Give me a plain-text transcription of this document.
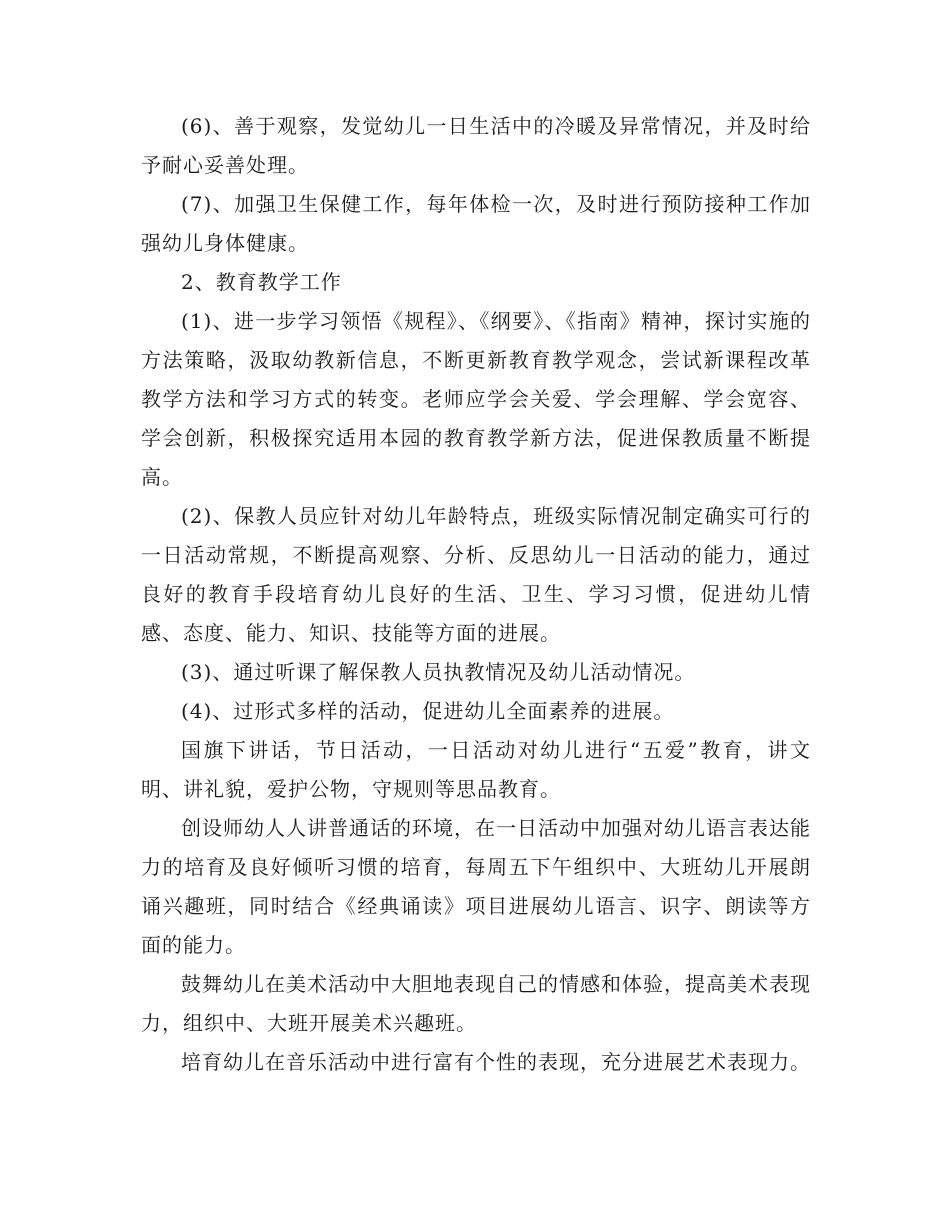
(6)、善于观察，发觉幼儿一日生活中的冷暖及异常情况，并及时给予耐心妥善处理。

(7)、加强卫生保健工作，每年体检一次，及时进行预防接种工作加强幼儿身体健康。

2、教育教学工作

(1)、进一步学习领悟《规程》、《纲要》、《指南》精神，探讨实施的方法策略，汲取幼教新信息，不断更新教育教学观念，尝试新课程改革教学方法和学习方式的转变。老师应学会关爱、学会理解、学会宽容、学会创新，积极探究适用本园的教育教学新方法，促进保教质量不断提高。

(2)、保教人员应针对幼儿年龄特点，班级实际情况制定确实可行的一日活动常规，不断提高观察、分析、反思幼儿一日活动的能力，通过良好的教育手段培育幼儿良好的生活、卫生、学习习惯，促进幼儿情感、态度、能力、知识、技能等方面的进展。

(3)、通过听课了解保教人员执教情况及幼儿活动情况。

(4)、过形式多样的活动，促进幼儿全面素养的进展。

国旗下讲话，节日活动，一日活动对幼儿进行“五爱”教育，讲文明、讲礼貌，爱护公物，守规则等思品教育。

创设师幼人人讲普通话的环境，在一日活动中加强对幼儿语言表达能力的培育及良好倾听习惯的培育，每周五下午组织中、大班幼儿开展朗诵兴趣班，同时结合《经典诵读》项目进展幼儿语言、识字、朗读等方面的能力。

鼓舞幼儿在美术活动中大胆地表现自己的情感和体验，提高美术表现力，组织中、大班开展美术兴趣班。

培育幼儿在音乐活动中进行富有个性的表现，充分进展艺术表现力。
